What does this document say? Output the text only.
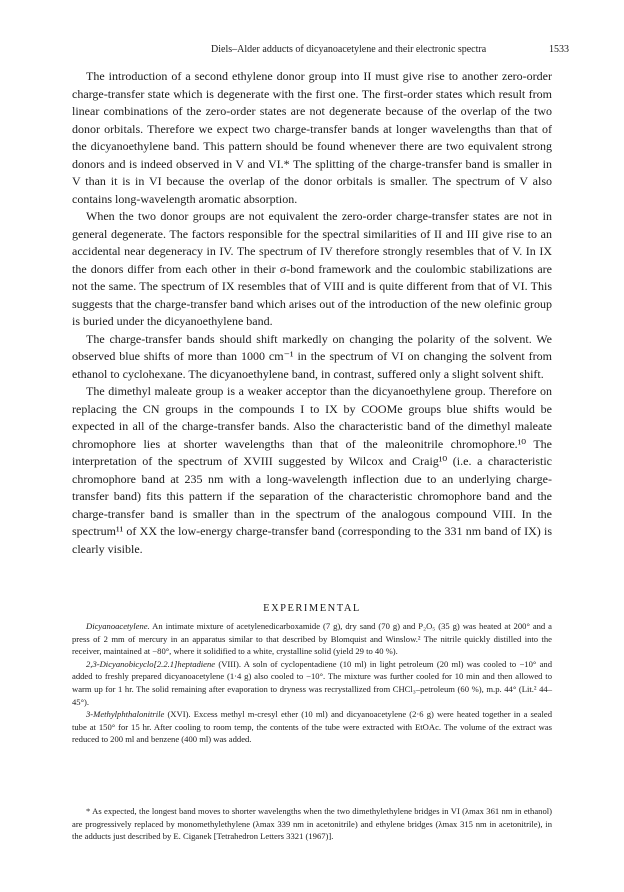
Diels–Alder adducts of dicyanoacetylene and their electronic spectra	1533

The introduction of a second ethylene donor group into II must give rise to another zero-order charge-transfer state which is degenerate with the first one. The first-order states which result from linear combinations of the zero-order states are not degenerate because of the overlap of the two donor orbitals. Therefore we expect two charge-transfer bands at longer wavelengths than that of the dicyanoethylene band. This pattern should be found whenever there are two equivalent strong donors and is indeed observed in V and VI.* The splitting of the charge-transfer band is smaller in V than it is in VI because the overlap of the donor orbitals is smaller. The spectrum of V also contains long-wavelength aromatic absorption.

When the two donor groups are not equivalent the zero-order charge-transfer states are not in general degenerate. The factors responsible for the spectral similarities of II and III give rise to an accidental near degeneracy in IV. The spectrum of IV therefore strongly resembles that of V. In IX the donors differ from each other in their σ-bond framework and the coulombic stabilizations are not the same. The spectrum of IX resembles that of VIII and is quite different from that of VI. This suggests that the charge-transfer band which arises out of the introduction of the new olefinic group is buried under the dicyanoethylene band.

The charge-transfer bands should shift markedly on changing the polarity of the solvent. We observed blue shifts of more than 1000 cm⁻¹ in the spectrum of VI on changing the solvent from ethanol to cyclohexane. The dicyanoethylene band, in contrast, suffered only a slight solvent shift.

The dimethyl maleate group is a weaker acceptor than the dicyanoethylene group. Therefore on replacing the CN groups in the compounds I to IX by COOMe groups blue shifts would be expected in all of the charge-transfer bands. Also the characteristic band of the dimethyl maleate chromophore lies at shorter wavelengths than that of the maleonitrile chromophore.¹⁰ The interpretation of the spectrum of XVIII suggested by Wilcox and Craig¹⁰ (i.e. a characteristic chromophore band at 235 nm with a long-wavelength inflection due to an underlying charge-transfer band) fits this pattern if the separation of the characteristic chromophore band and the charge-transfer band is smaller than in the spectrum of the analogous compound VIII. In the spectrum¹¹ of XX the low-energy charge-transfer band (corresponding to the 331 nm band of IX) is clearly visible.

EXPERIMENTAL

Dicyanoacetylene. An intimate mixture of acetylenedicarboxamide (7 g), dry sand (70 g) and P₂O₅ (35 g) was heated at 200° and a press of 2 mm of mercury in an apparatus similar to that described by Blomquist and Winslow.² The nitrile quickly distilled into the receiver, maintained at −80°, where it solidified to a white, crystalline solid (yield 29 to 40 %).

2,3-Dicyanobicyclo[2.2.1]heptadiene (VIII). A soln of cyclopentadiene (10 ml) in light petroleum (20 ml) was cooled to −10° and added to freshly prepared dicyanoacetylene (1·4 g) also cooled to −10°. The mixture was further cooled for 10 min and then allowed to warm up for 1 hr. The solid remaining after evaporation to dryness was recrystallized from CHCl₃–petroleum (60 %), m.p. 44° (Lit.² 44–45°).

3-Methylphthalonitrile (XVI). Excess methyl m-cresyl ether (10 ml) and dicyanoacetylene (2·6 g) were heated together in a sealed tube at 150° for 15 hr. After cooling to room temp, the contents of the tube were extracted with EtOAc. The volume of the extract was reduced to 200 ml and benzene (400 ml) was added.

* As expected, the longest band moves to shorter wavelengths when the two dimethylethylene bridges in VI (λmax 361 nm in ethanol) are progressively replaced by monomethylethylene (λmax 339 nm in acetonitrile) and ethylene bridges (λmax 315 nm in acetonitrile), in the adducts just described by E. Ciganek [Tetrahedron Letters 3321 (1967)].
